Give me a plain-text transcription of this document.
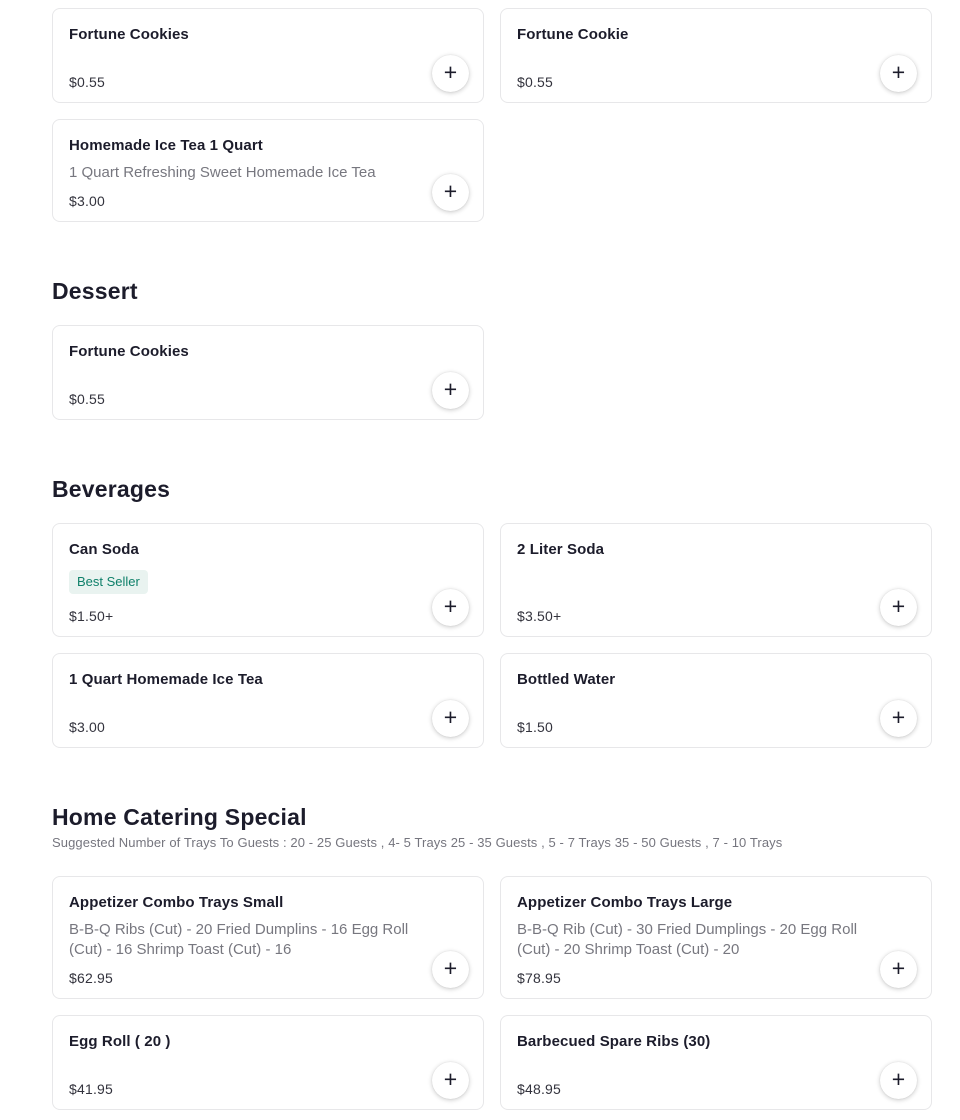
Fortune Cookies
$0.55	+
Fortune Cookie
$0.55	+
Homemade Ice Tea 1 Quart
1 Quart Refreshing Sweet Homemade Ice Tea
$3.00	+
Dessert
Fortune Cookies
$0.55	+
Beverages
Can Soda
Best Seller
$1.50+	+
2 Liter Soda
$3.50+	+
1 Quart Homemade Ice Tea
$3.00	+
Bottled Water
$1.50	+
Home Catering Special

Suggested Number of Trays To Guests : 20 - 25 Guests , 4- 5 Trays 25 - 35 Guests , 5 - 7 Trays 35 - 50 Guests , 7 - 10 Trays

Appetizer Combo Trays Small
B-B-Q Ribs (Cut) - 20 Fried Dumplins - 16 Egg Roll (Cut) - 16 Shrimp Toast (Cut) - 16
$62.95	+
Appetizer Combo Trays Large
B-B-Q Rib (Cut) - 30 Fried Dumplings - 20 Egg Roll (Cut) - 20 Shrimp Toast (Cut) - 20
$78.95	+
Egg Roll ( 20 )
$41.95	+
Barbecued Spare Ribs (30)
$48.95	+
